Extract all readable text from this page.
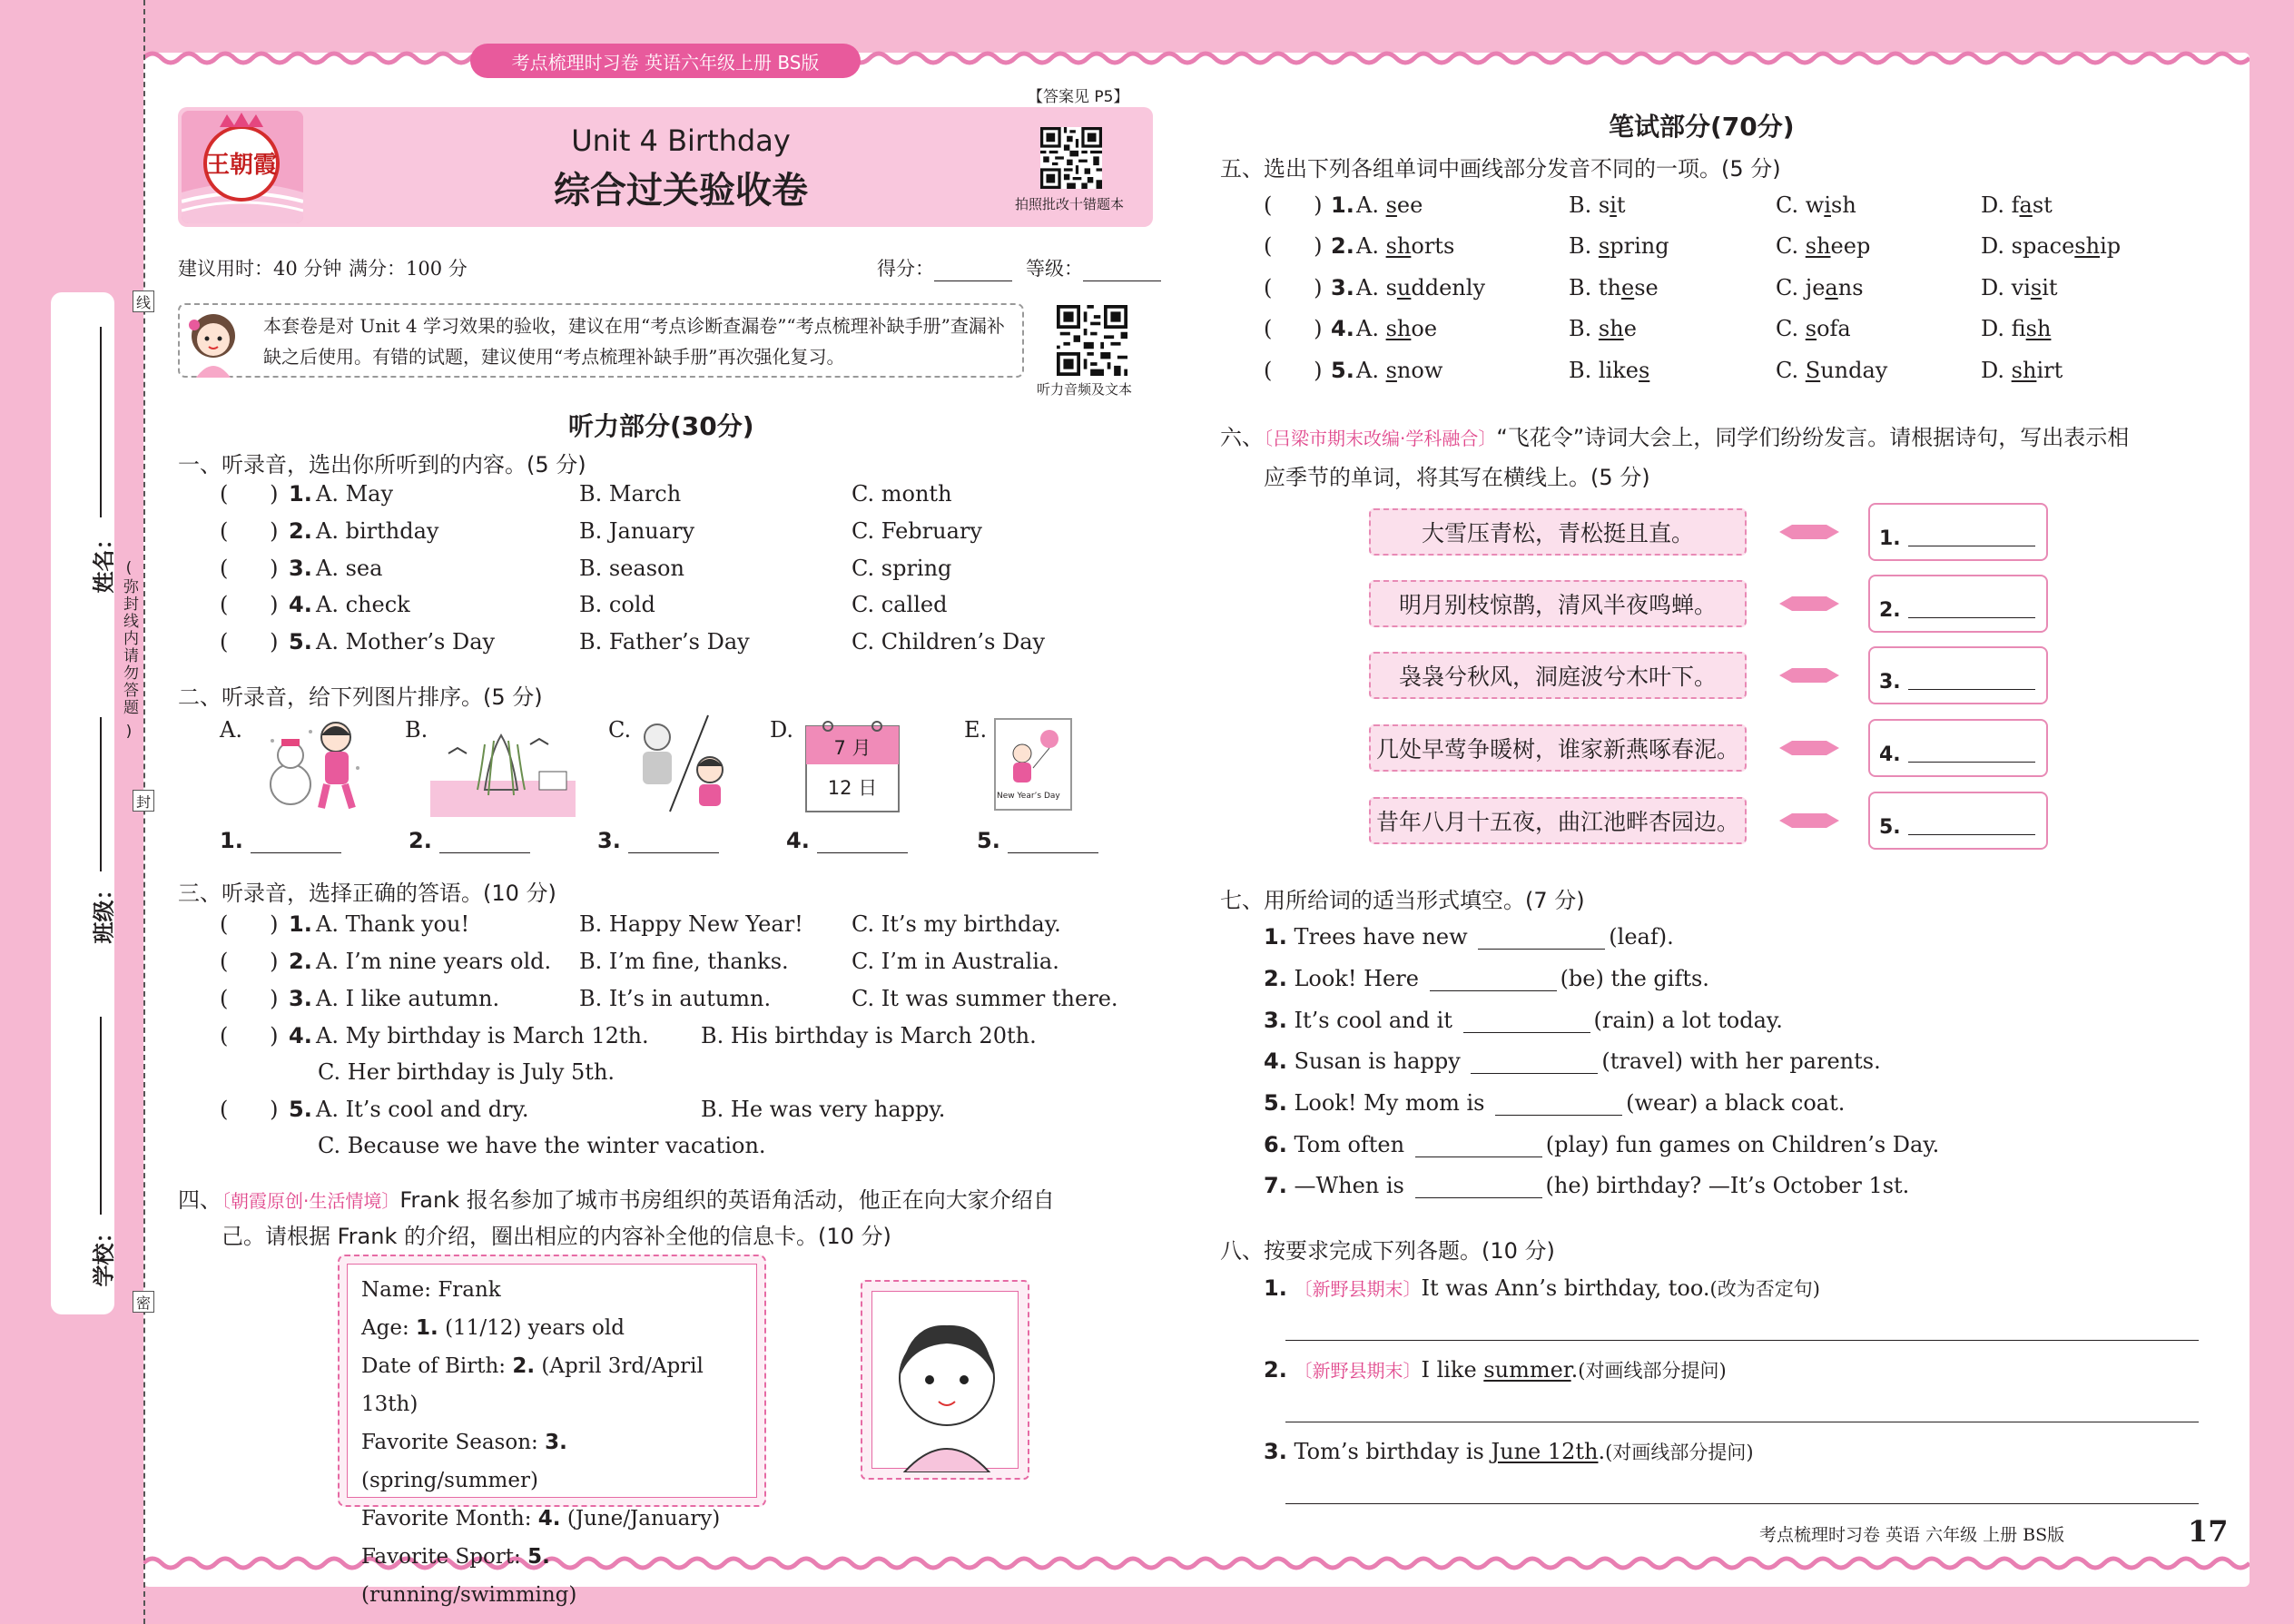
姓名：
班级：
学校：
(
弥封线内请勿答题
)
线
封
密
考点梳理时习卷 英语六年级上册 BS版
【答案见 P5】
王朝霞
Unit 4 Birthday
综合过关验收卷	拍照批改十错题本
建议用时：40 分钟 满分：100 分	得分：	等级：
本套卷是对 Unit 4 学习效果的验收，建议在用“考点诊断查漏卷”“考点梳理补缺手册”查漏补缺之后使用。有错的试题，建议使用“考点梳理补缺手册”再次强化复习。
听力音频及文本
听力部分(30分)
一、听录音，选出你所听到的内容。(5 分)
(      ) 1. A. May	B. March	C. month
(      ) 2. A. birthday	B. January	C. February
(      ) 3. A. sea	B. season	C. spring
(      ) 4. A. check	B. cold	C. called
(      ) 5. A. Mother’s Day	B. Father’s Day	C. Children’s Day
二、听录音，给下列图片排序。(5 分)
A.	B.	C.	D.	E.
7 月
12 日	New Year’s Day
1.	2.	3.	4.	5.
三、听录音，选择正确的答语。(10 分)
(      ) 1. A. Thank you!	B. Happy New Year! C. It’s my birthday.
(      ) 2. A. I’m nine years old. B. I’m fine, thanks.	C. I’m in Australia.
(      ) 3. A. I like autumn.	B. It’s in autumn.	C. It was summer there.
(      ) 4. A. My birthday is March 12th. B. His birthday is March 20th.
C. Her birthday is July 5th.
(      ) 5. A. It’s cool and dry.	B. He was very happy.
C. Because we have the winter vacation.
四、〔朝霞原创·生活情境〕Frank 报名参加了城市书房组织的英语角活动，他正在向大家介绍自
己。请根据 Frank 的介绍，圈出相应的内容补全他的信息卡。(10 分)
Name: Frank
Age: 1. (11/12) years old
Date of Birth: 2. (April 3rd/April 13th)
Favorite Season: 3. (spring/summer)
Favorite Month: 4. (June/January)
Favorite Sport: 5. (running/swimming)
笔试部分(70分)
五、选出下列各组单词中画线部分发音不同的一项。(5 分)
(      ) 1. A. see	B. sit	C. wish	D. fast
(      ) 2. A. shorts	B. spring	C. sheep	D. spaceship
(      ) 3. A. suddenly	B. these	C. jeans	D. visit
(      ) 4. A. shoe	B. she	C. sofa	D. fish
(      ) 5. A. snow	B. likes	C. Sunday	D. shirt
六、〔吕梁市期末改编·学科融合〕“飞花令”诗词大会上，同学们纷纷发言。请根据诗句，写出表示相
应季节的单词，将其写在横线上。(5 分)
大雪压青松，青松挺且直。	1.
明月别枝惊鹊，清风半夜鸣蝉。	2.
袅袅兮秋风，洞庭波兮木叶下。	3.
几处早莺争暖树，谁家新燕啄春泥。	4.
昔年八月十五夜，曲江池畔杏园边。	5.
七、用所给词的适当形式填空。(7 分)
1. Trees have new	(leaf).
2. Look! Here	(be) the gifts.
3. It’s cool and it	(rain) a lot today.
4. Susan is happy	(travel) with her parents.
5. Look! My mom is	(wear) a black coat.
6. Tom often	(play) fun games on Children’s Day.
7. —When is	(he) birthday? —It’s October 1st.
八、按要求完成下列各题。(10 分)
1. 〔新野县期末〕It was Ann’s birthday, too.(改为否定句)
2. 〔新野县期末〕I like summer.(对画线部分提问)
3. Tom’s birthday is June 12th.(对画线部分提问)
考点梳理时习卷 英语 六年级 上册 BS版	17
